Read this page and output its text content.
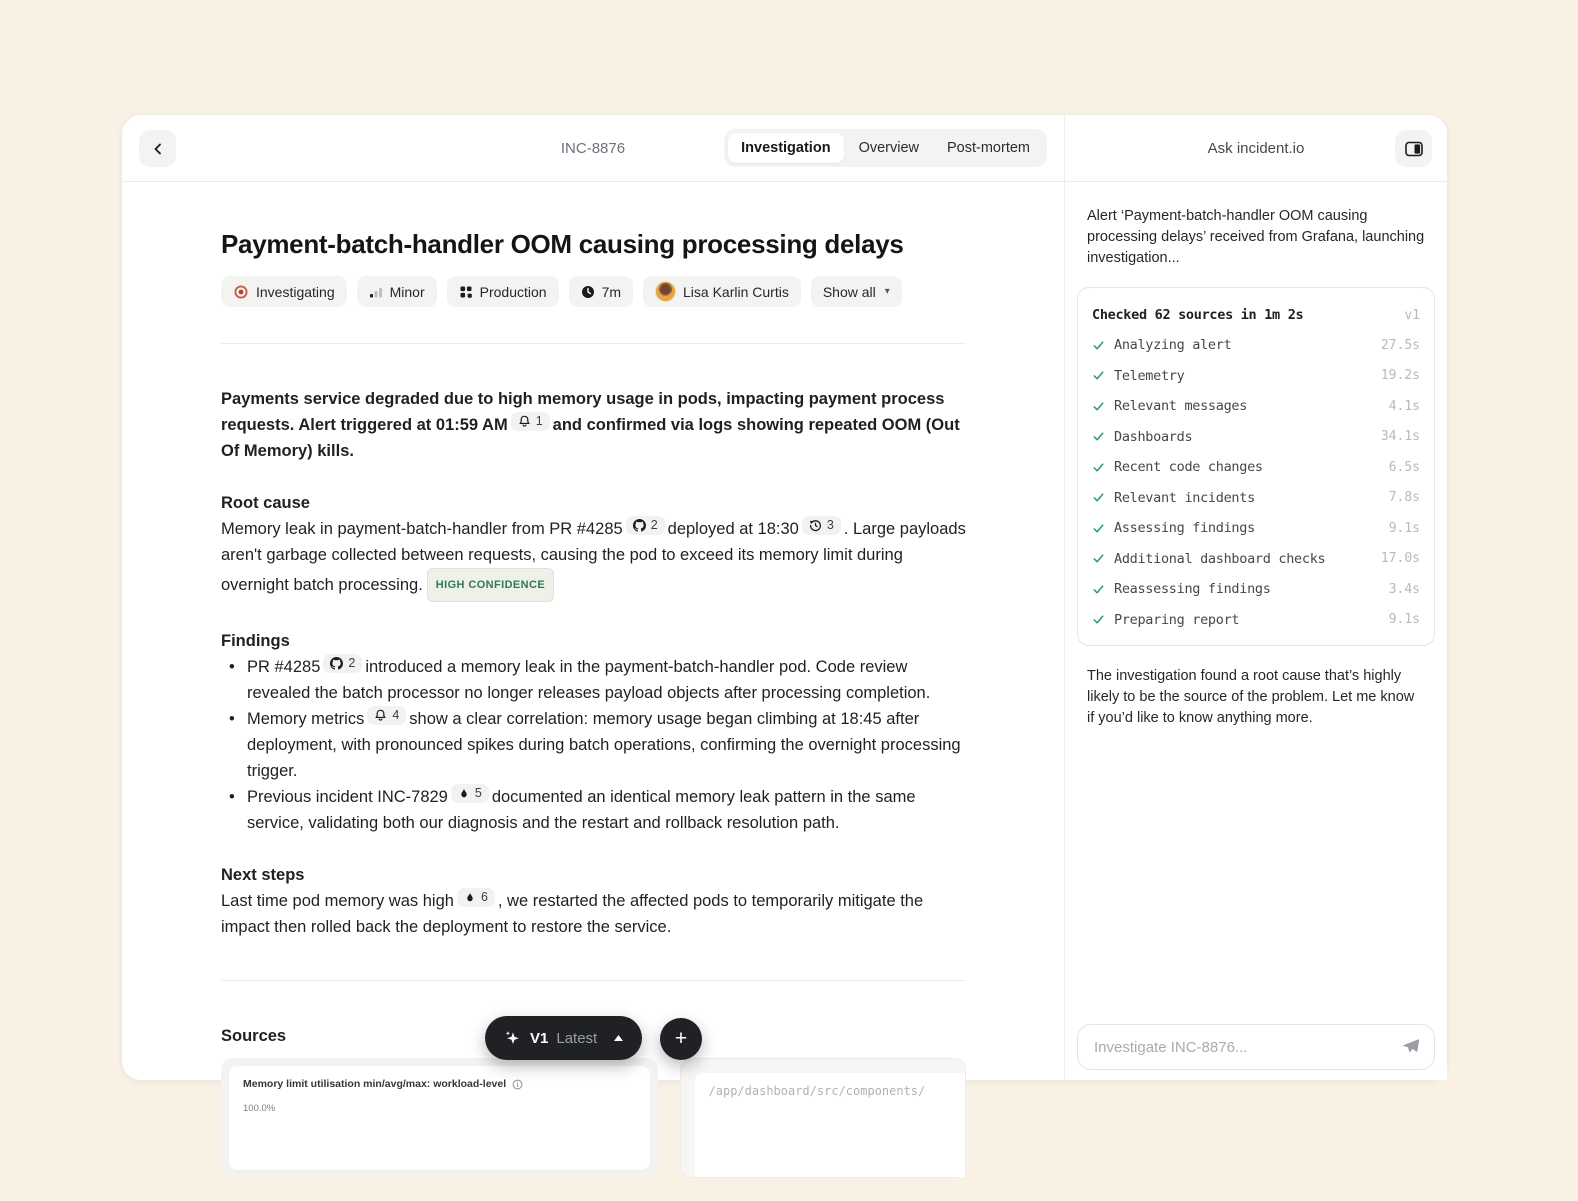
INC-8876	Investigation	Overview	Post-mortem
Payment-batch-handler OOM causing processing delays
Investigating	Minor	Production	7m	Lisa Karlin Curtis Show all ▾

Payments service degraded due to high memory usage in pods, impacting payment process requests. Alert triggered at 01:59 AM 1 and confirmed via logs showing repeated OOM (Out Of Memory) kills.

Root cause

Memory leak in payment-batch-handler from PR #4285 2 deployed at 18:30 3 . Large payloads aren't garbage collected between requests, causing the pod to exceed its memory limit during overnight batch processing. HIGH CONFIDENCE

Findings
• PR #4285 2 introduced a memory leak in the payment-batch-handler pod. Code review revealed the batch processor no longer releases payload objects after processing completion.
• Memory metrics 4 show a clear correlation: memory usage began climbing at 18:45 after deployment, with pronounced spikes during batch operations, confirming the overnight processing trigger.
• Previous incident INC-7829 5 documented an identical memory leak pattern in the same service, validating both our diagnosis and the restart and rollback resolution path.
Next steps

Last time pod memory was high 6 , we restarted the affected pods to temporarily mitigate the impact then rolled back the deployment to restore the service.

Sources
Memory limit utilisation min/avg/max: workload-level
100.0%
/app/dashboard/src/components/
V1 Latest	+
Ask incident.io

Alert ‘Payment-batch-handler OOM causing processing delays’ received from Grafana, launching investigation...

Checked 62 sources in 1m 2s	v1
Analyzing alert	27.5s
Telemetry	19.2s
Relevant messages	4.1s
Dashboards	34.1s
Recent code changes	6.5s
Relevant incidents	7.8s
Assessing findings	9.1s
Additional dashboard checks	17.0s
Reassessing findings	3.4s
Preparing report	9.1s

The investigation found a root cause that’s highly likely to be the source of the problem. Let me know if you’d like to know anything more.

Investigate INC-8876...
